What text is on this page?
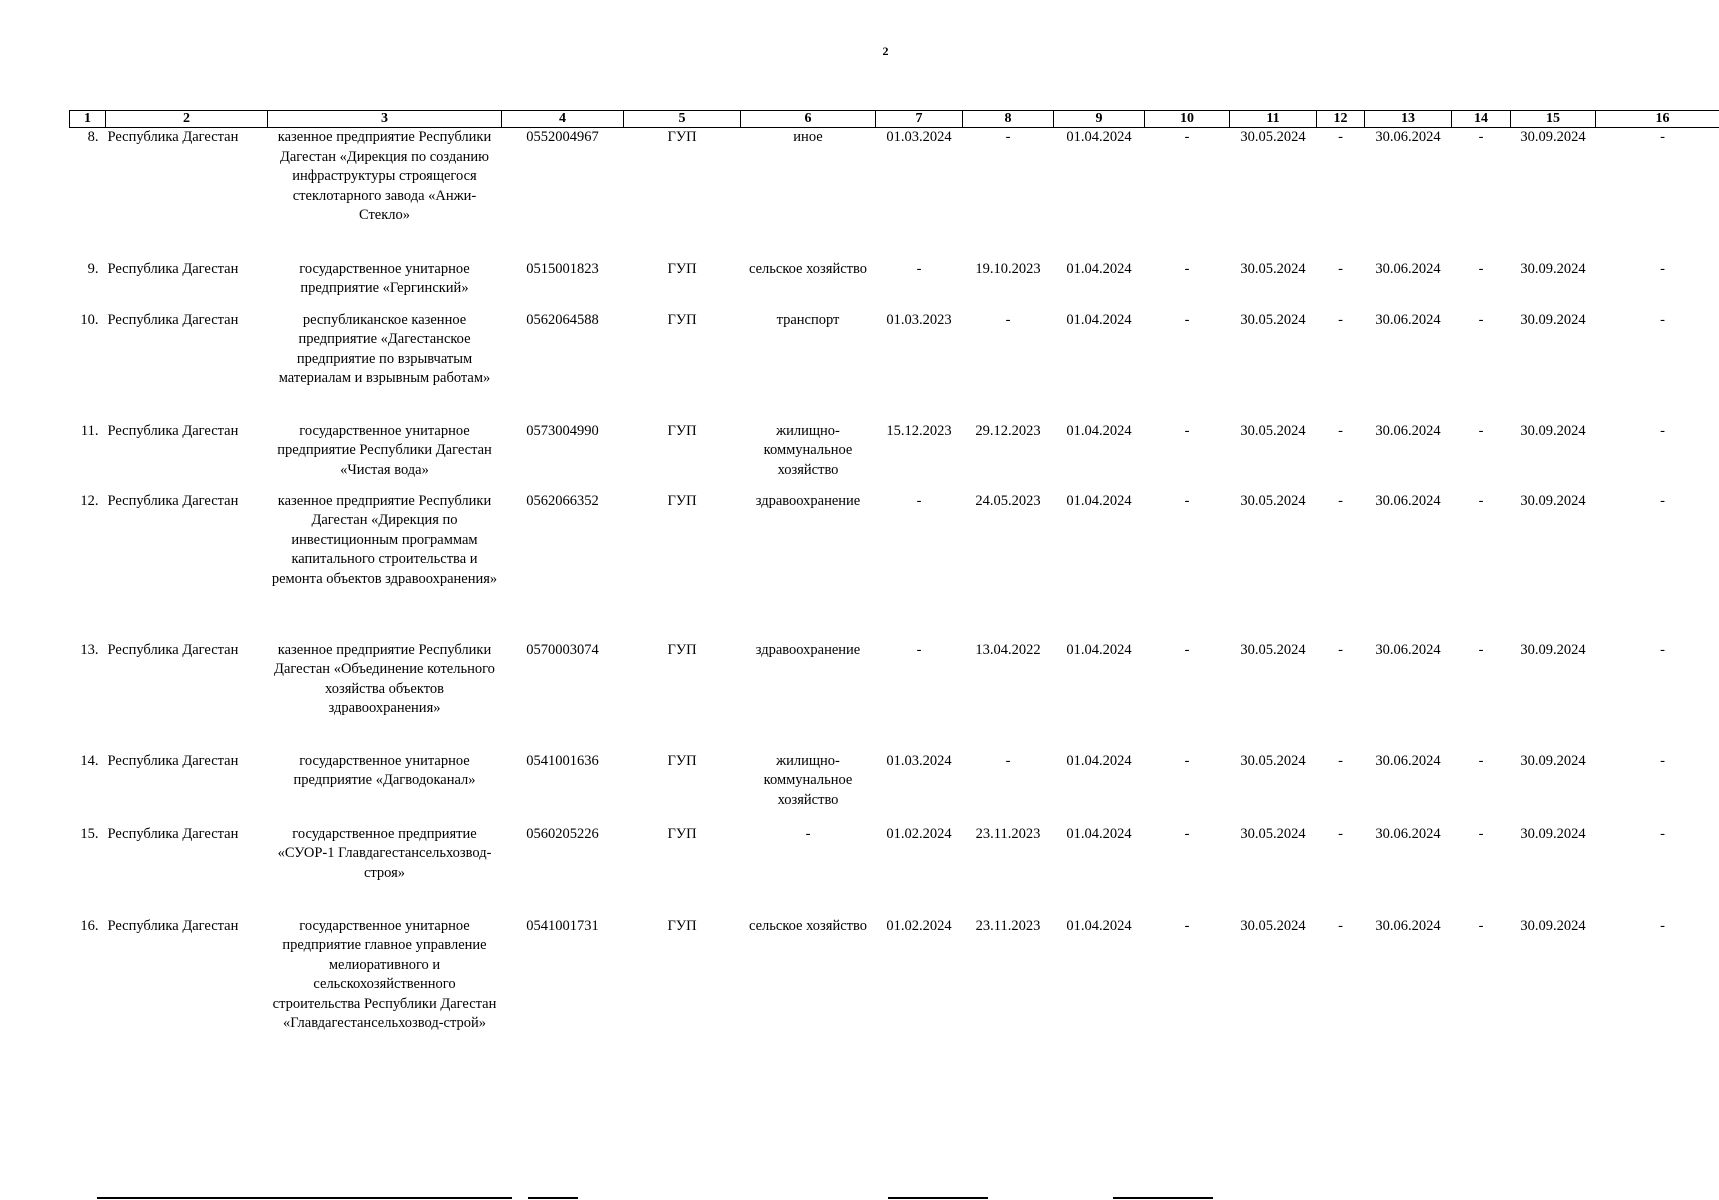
2
1	2	3	4	5	6	7	8	9	10	11	12	13	14	15	16
8.	Республика Дагестан	казенное предприятие Республики Дагестан «Дирекция по созданию инфраструктуры строящегося стеклотарного завода «Анжи-Стекло»	0552004967	ГУП	иное	01.03.2024	-	01.04.2024	-	30.05.2024	-	30.06.2024	-	30.09.2024	-
9.	Республика Дагестан	государственное унитарное предприятие «Гергинский»	0515001823	ГУП	сельское хозяйство	-	19.10.2023	01.04.2024	-	30.05.2024	-	30.06.2024	-	30.09.2024	-
10.	Республика Дагестан	республиканское казенное предприятие «Дагестанское предприятие по взрывчатым материалам и взрывным работам»	0562064588	ГУП	транспорт	01.03.2023	-	01.04.2024	-	30.05.2024	-	30.06.2024	-	30.09.2024	-
11.	Республика Дагестан	государственное унитарное предприятие Республики Дагестан «Чистая вода»	0573004990	ГУП	жилищно-коммунальное хозяйство	15.12.2023	29.12.2023	01.04.2024	-	30.05.2024	-	30.06.2024	-	30.09.2024	-
12.	Республика Дагестан	казенное предприятие Республики Дагестан «Дирекция по инвестиционным программам капитального строительства и ремонта объектов здравоохранения»	0562066352	ГУП	здравоохранение	-	24.05.2023	01.04.2024	-	30.05.2024	-	30.06.2024	-	30.09.2024	-
13.	Республика Дагестан	казенное предприятие Республики Дагестан «Объединение котельного хозяйства объектов здравоохранения»	0570003074	ГУП	здравоохранение	-	13.04.2022	01.04.2024	-	30.05.2024	-	30.06.2024	-	30.09.2024	-
14.	Республика Дагестан	государственное унитарное предприятие «Дагводоканал»	0541001636	ГУП	жилищно-коммунальное хозяйство	01.03.2024	-	01.04.2024	-	30.05.2024	-	30.06.2024	-	30.09.2024	-
15.	Республика Дагестан	государственное предприятие «СУОР-1 Главдагестансельхозвод-строя»	0560205226	ГУП	-	01.02.2024	23.11.2023	01.04.2024	-	30.05.2024	-	30.06.2024	-	30.09.2024	-
16.	Республика Дагестан	государственное унитарное предприятие главное управление мелиоративного и сельскохозяйственного строительства Республики Дагестан «Главдагестансельхозвод-строй»	0541001731	ГУП	сельское хозяйство	01.02.2024	23.11.2023	01.04.2024	-	30.05.2024	-	30.06.2024	-	30.09.2024	-
